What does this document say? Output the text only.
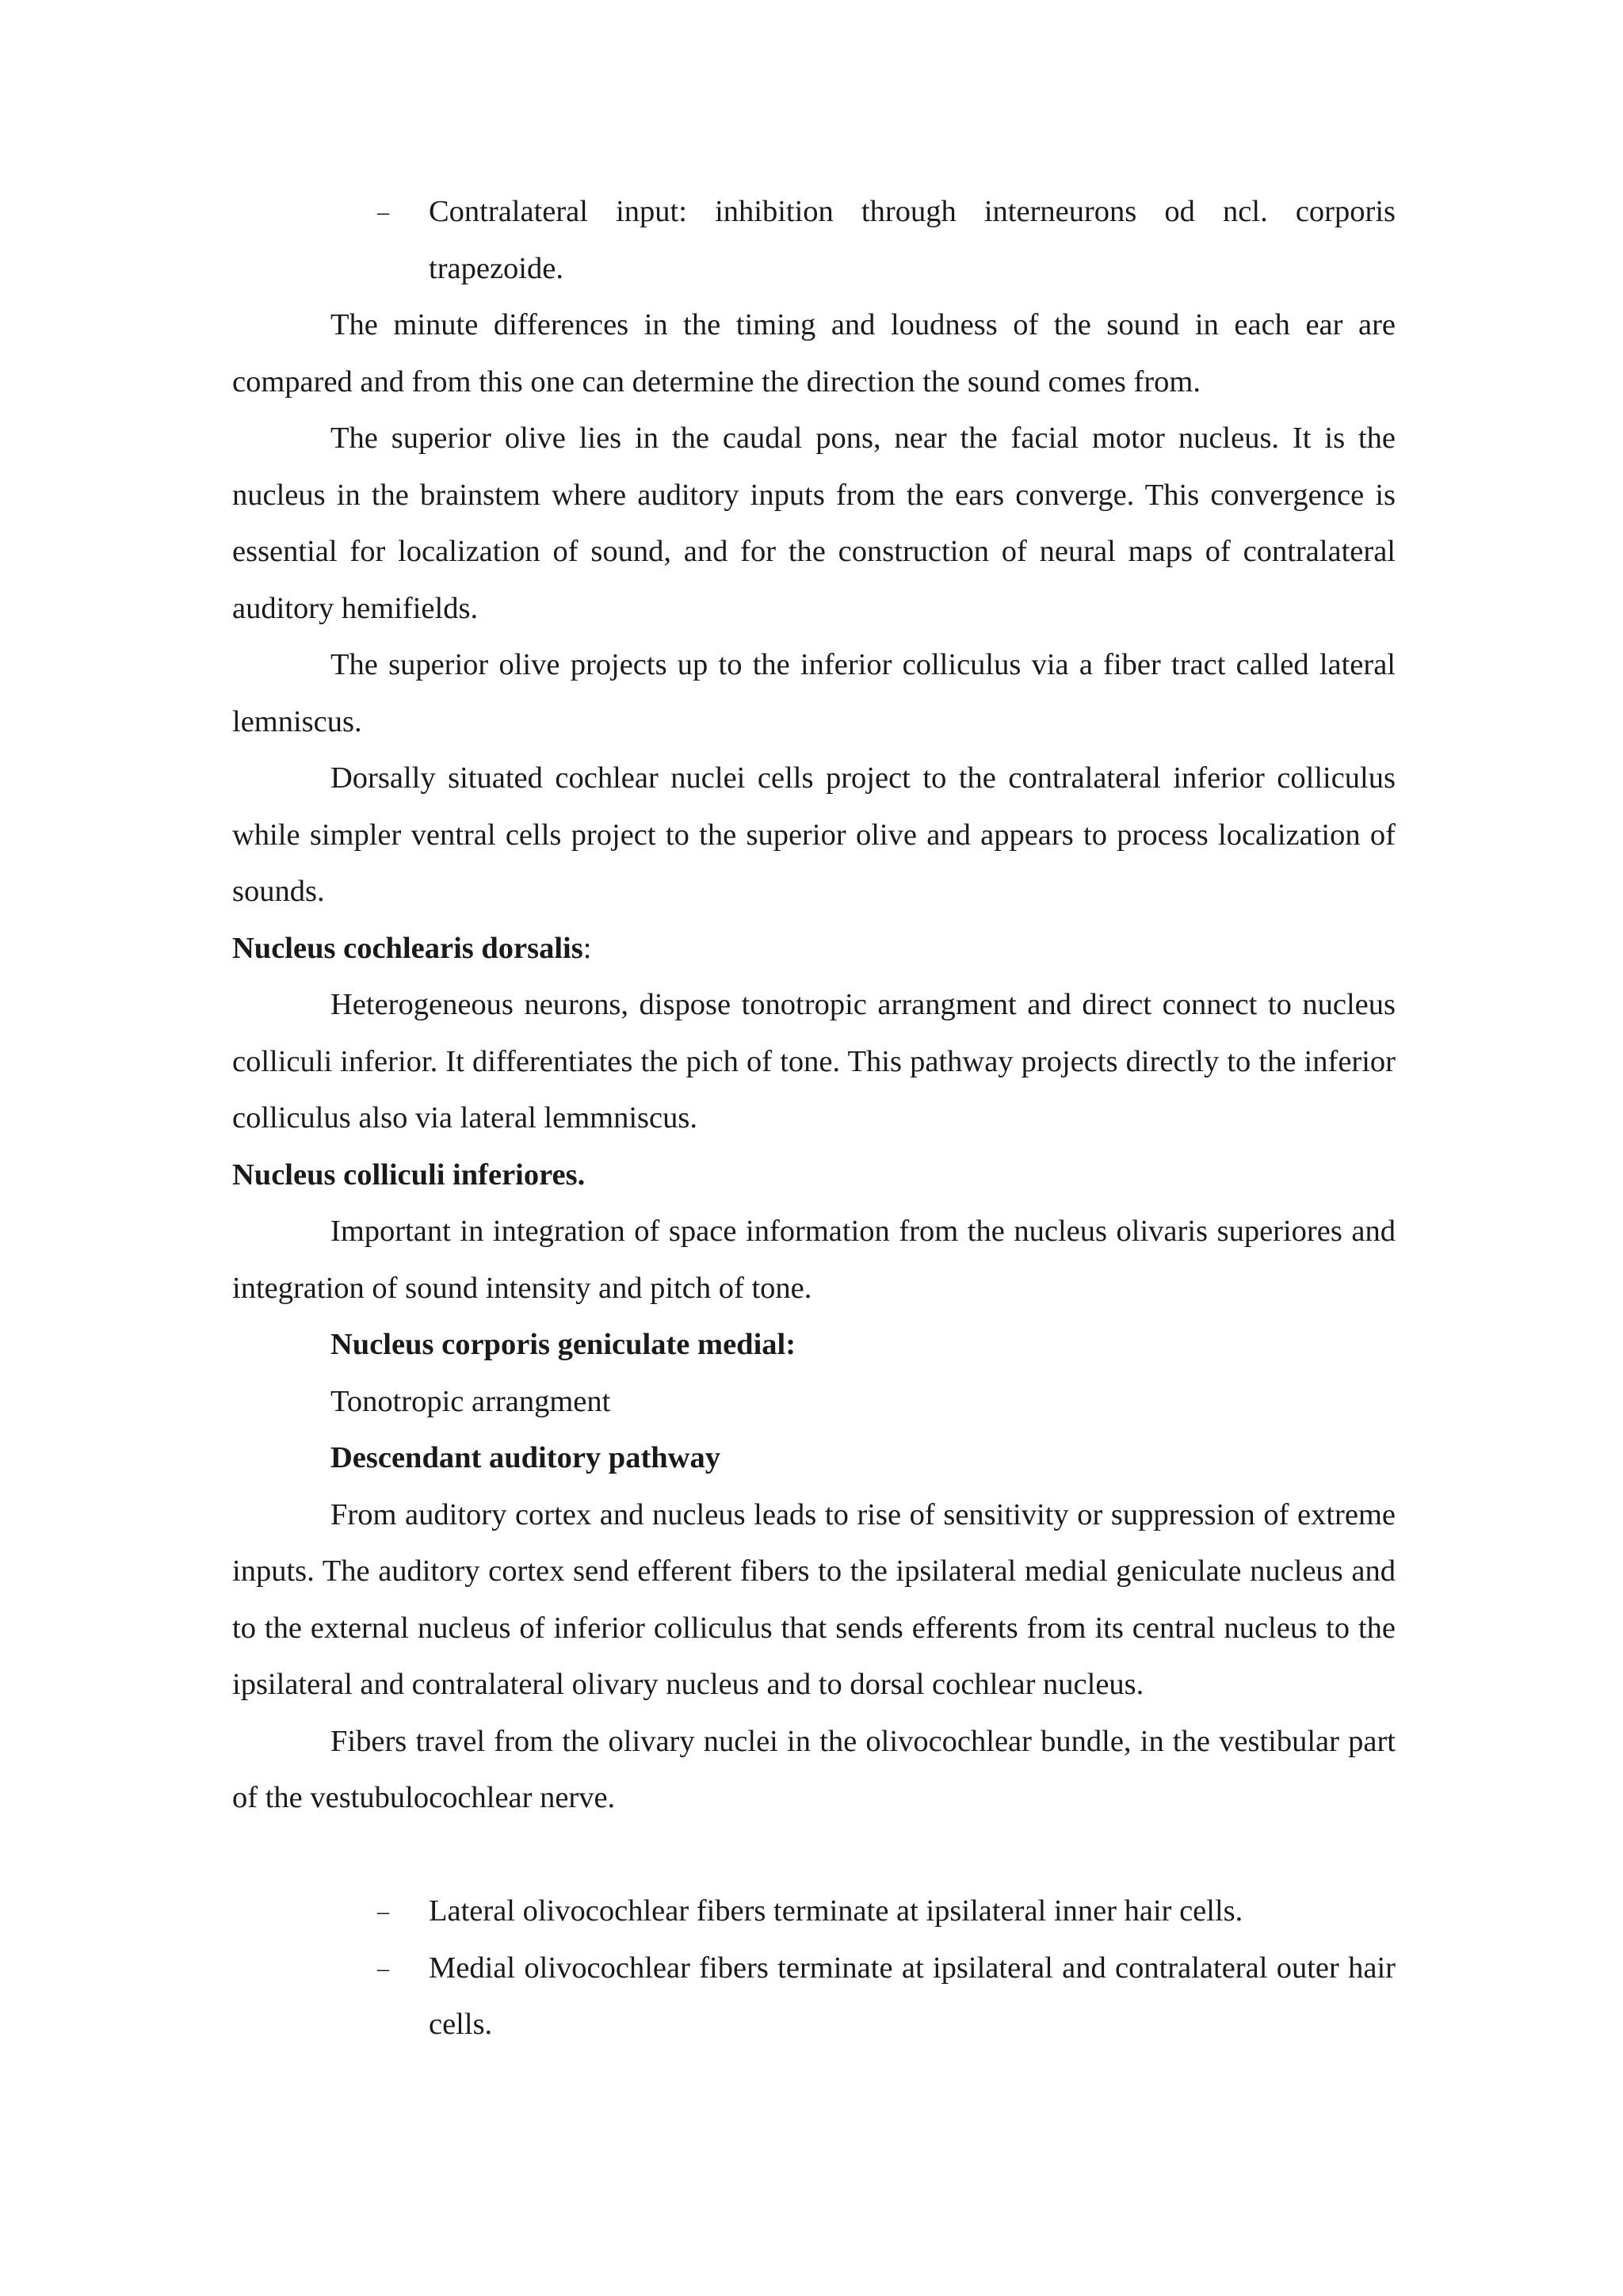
– Contralateral input: inhibition through interneurons od ncl. corporis trapezoide.

The minute differences in the timing and loudness of the sound in each ear are compared and from this one can determine the direction the sound comes from.

The superior olive lies in the caudal pons, near the facial motor nucleus. It is the nucleus in the brainstem where auditory inputs from the ears converge. This convergence is essential for localization of sound, and for the construction of neural maps of contralateral auditory hemifields.

The superior olive projects up to the inferior colliculus via a fiber tract called lateral lemniscus.

Dorsally situated cochlear nuclei cells project to the contralateral inferior colliculus while simpler ventral cells project to the superior olive and appears to process localization of sounds.

Nucleus cochlearis dorsalis:

Heterogeneous neurons, dispose tonotropic arrangment and direct connect to nucleus colliculi inferior. It differentiates the pich of tone. This pathway projects directly to the inferior colliculus also via lateral lemmniscus.

Nucleus colliculi inferiores.

Important in integration of space information from the nucleus olivaris superiores and integration of sound intensity and pitch of tone.

Nucleus corporis geniculate medial:

Tonotropic arrangment

Descendant auditory pathway

From auditory cortex and nucleus leads to rise of sensitivity or suppression of extreme inputs. The auditory cortex send efferent fibers to the ipsilateral medial geniculate nucleus and to the external nucleus of inferior colliculus that sends efferents from its central nucleus to the ipsilateral and contralateral olivary nucleus and to dorsal cochlear nucleus.

Fibers travel from the olivary nuclei in the olivocochlear bundle, in the vestibular part of the vestubulocochlear nerve.

– Lateral olivocochlear fibers terminate at ipsilateral inner hair cells.

– Medial olivocochlear fibers terminate at ipsilateral and contralateral outer hair cells.
